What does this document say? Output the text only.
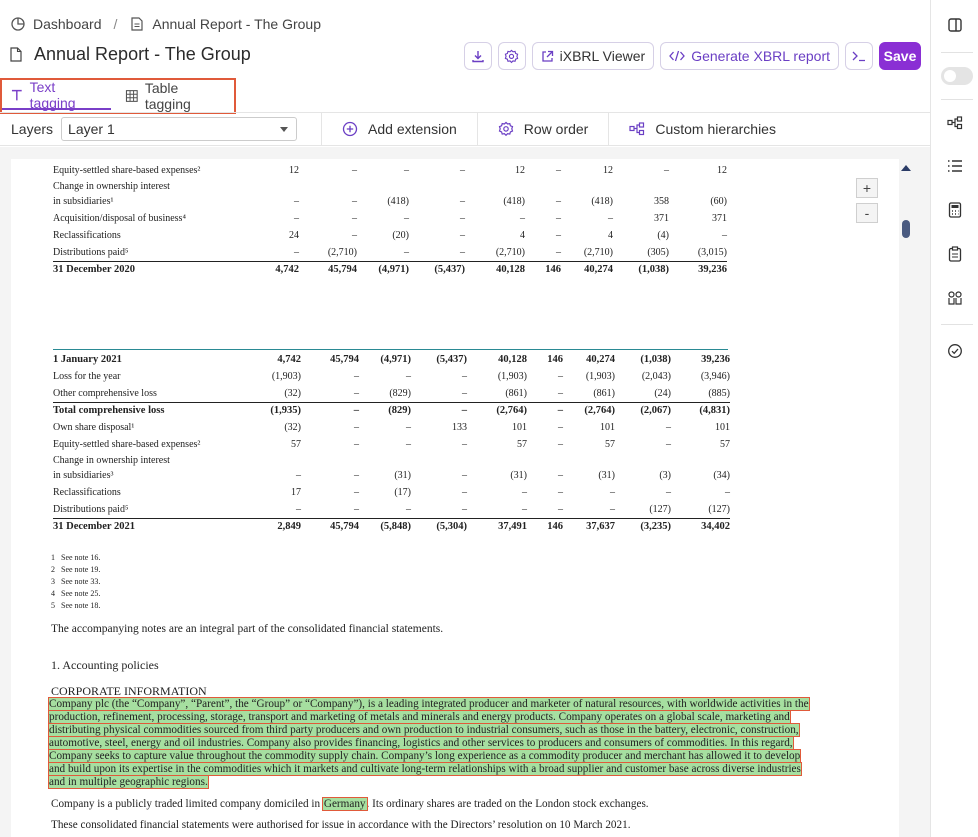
Dashboard /	Annual Report - The Group
Annual Report - The Group	iXBRL Viewer	Generate XBRL report	Save
Text tagging
Table tagging
Layers Layer 1	Add extension	Row order	Custom hierarchies
Equity-settled share-based expenses²	12	–	–	–	12	–	12	–	12
Change in ownership interest									
in subsidiaries¹	–	–	(418)	–	(418)	–	(418)	358	(60)
Acquisition/disposal of business⁴	–	–	–	–	–	–	–	371	371
Reclassifications	24	–	(20)	–	4	–	4	(4)	–
Distributions paid⁵	–	(2,710)	–	–	(2,710)	–	(2,710)	(305)	(3,015)
31 December 2020	4,742	45,794	(4,971)	(5,437)	40,128	146	40,274	(1,038)	39,236
1 January 2021	4,742	45,794	(4,971)	(5,437)	40,128	146	40,274	(1,038)	39,236
Loss for the year	(1,903)	–	–	–	(1,903)	–	(1,903)	(2,043)	(3,946)
Other comprehensive loss	(32)	–	(829)	–	(861)	–	(861)	(24)	(885)
Total comprehensive loss	(1,935)	–	(829)	–	(2,764)	–	(2,764)	(2,067)	(4,831)
Own share disposal¹	(32)	–	–	133	101	–	101	–	101
Equity-settled share-based expenses²	57	–	–	–	57	–	57	–	57
Change in ownership interest									
in subsidiaries³	–	–	(31)	–	(31)	–	(31)	(3)	(34)
Reclassifications	17	–	(17)	–	–	–	–	–	–
Distributions paid⁵	–	–	–	–	–	–	–	(127)	(127)
31 December 2021	2,849	45,794	(5,848)	(5,304)	37,491	146	37,637	(3,235)	34,402
1 See note 16.
2 See note 19.
3 See note 33.
4 See note 25.
5 See note 18.
The accompanying notes are an integral part of the consolidated financial statements.
1. Accounting policies
CORPORATE INFORMATION
Company plc (the “Company”, “Parent”, the “Group” or “Company”), is a leading integrated producer and marketer of natural resources, with worldwide activities in the
production, refinement, processing, storage, transport and marketing of metals and minerals and energy products. Company operates on a global scale, marketing and
distributing physical commodities sourced from third party producers and own production to industrial consumers, such as those in the battery, electronic, construction,
automotive, steel, energy and oil industries. Company also provides financing, logistics and other services to producers and consumers of commodities. In this regard,
Company seeks to capture value throughout the commodity supply chain. Company’s long experience as a commodity producer and merchant has allowed it to develop
and build upon its expertise in the commodities which it markets and cultivate long-term relationships with a broad supplier and customer base across diverse industries
and in multiple geographic regions.
Company is a publicly traded limited company domiciled in Germany. Its ordinary shares are traded on the London stock exchanges.
These consolidated financial statements were authorised for issue in accordance with the Directors’ resolution on 10 March 2021.
+
-
